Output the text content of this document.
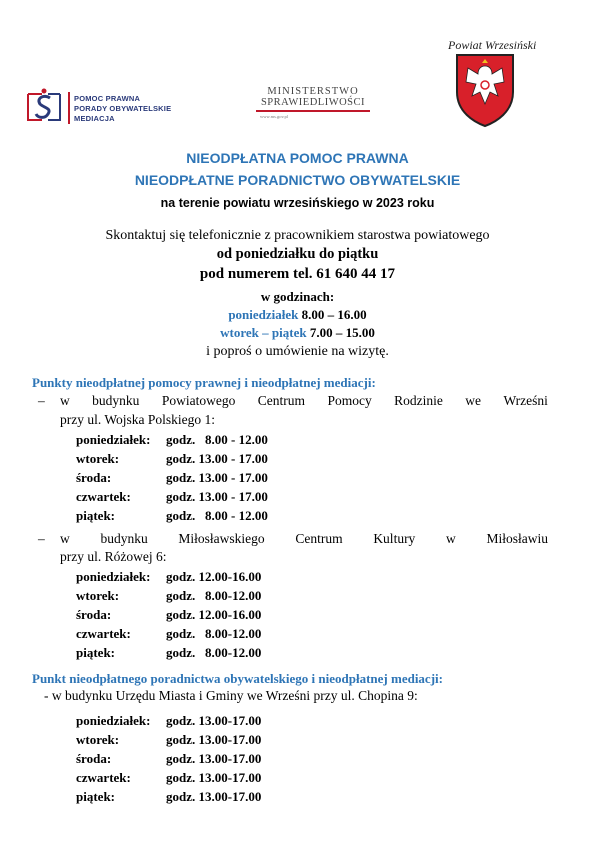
POMOC PRAWNA
PORADY OBYWATELSKIE
MEDIACJA
MINISTERSTWO
SPRAWIEDLIWOŚCI
www.ms.gov.pl
Powiat Wrzesiński
NIEODPŁATNA POMOC PRAWNA
NIEODPŁATNE PORADNICTWO OBYWATELSKIE
na terenie powiatu wrzesińskiego w 2023 roku
Skontaktuj się telefonicznie z pracownikiem starostwa powiatowego
od poniedziałku do piątku
pod numerem tel. 61 640 44 17
w godzinach:
poniedziałek 8.00 – 16.00
wtorek – piątek 7.00 – 15.00
i poproś o umówienie na wizytę.
Punkty nieodpłatnej pomocy prawnej i nieodpłatnej mediacji:
– w budynku Powiatowego Centrum Pomocy Rodzinie we Wrześni
przy ul. Wojska Polskiego 1:
poniedziałek:	godz.   8.00 - 12.00
wtorek:	godz. 13.00 - 17.00
środa:	godz. 13.00 - 17.00
czwartek:	godz. 13.00 - 17.00
piątek:	godz.   8.00 - 12.00
– w budynku Miłosławskiego Centrum Kultury w Miłosławiu
przy ul. Różowej 6:
poniedziałek:	godz. 12.00-16.00
wtorek:	godz.   8.00-12.00
środa:	godz. 12.00-16.00
czwartek:	godz.   8.00-12.00
piątek:	godz.   8.00-12.00
Punkt nieodpłatnego poradnictwa obywatelskiego i nieodpłatnej mediacji:
- w budynku Urzędu Miasta i Gminy we Wrześni przy ul. Chopina 9:
poniedziałek:	godz. 13.00-17.00
wtorek:	godz. 13.00-17.00
środa:	godz. 13.00-17.00
czwartek:	godz. 13.00-17.00
piątek:	godz. 13.00-17.00
